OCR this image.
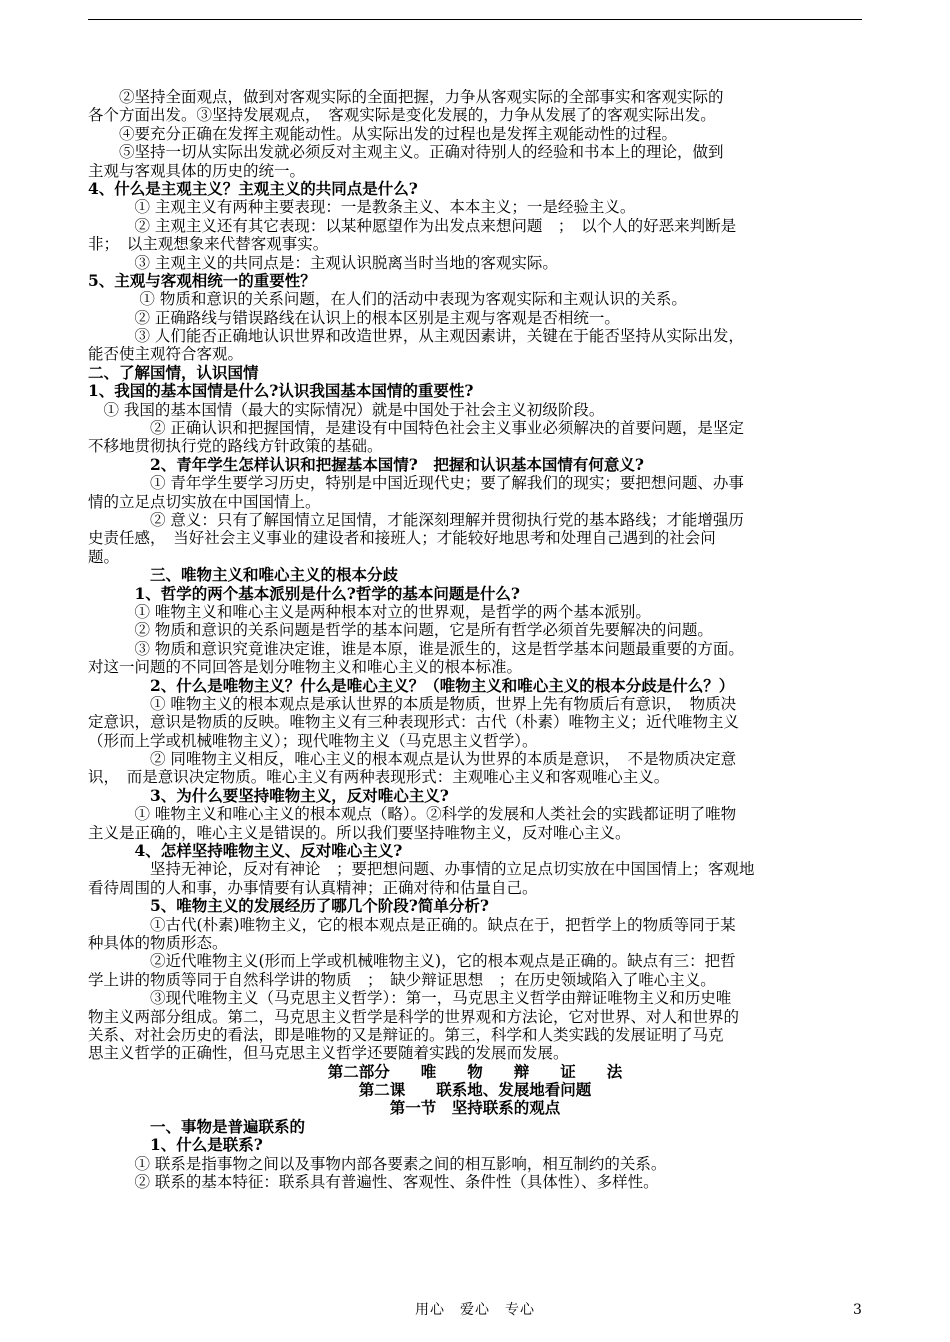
　　②坚持全面观点，做到对客观实际的全面把握，力争从客观实际的全部事实和客观实际的
各个方面出发。③坚持发展观点，　客观实际是变化发展的，力争从发展了的客观实际出发。
　　④要充分正确在发挥主观能动性。从实际出发的过程也是发挥主观能动性的过程。
　　⑤坚持一切从实际出发就必须反对主观主义。正确对待别人的经验和书本上的理论，做到
主观与客观具体的历史的统一。
4、什么是主观主义？主观主义的共同点是什么?
　　　① 主观主义有两种主要表现：一是教条主义、本本主义；一是经验主义。
　　　② 主观主义还有其它表现：以某种愿望作为出发点来想问题　；　以个人的好恶来判断是
非；　以主观想象来代替客观事实。
　　　③ 主观主义的共同点是：主观认识脱离当时当地的客观实际。
5、主观与客观相统一的重要性？
　　　 ① 物质和意识的关系问题，在人们的活动中表现为客观实际和主观认识的关系。
　　　② 正确路线与错误路线在认识上的根本区别是主观与客观是否相统一。
　　　③ 人们能否正确地认识世界和改造世界，从主观因素讲，关键在于能否坚持从实际出发，
能否使主观符合客观。
二、了解国情，认识国情
1、我国的基本国情是什么?认识我国基本国情的重要性?
　① 我国的基本国情（最大的实际情况）就是中国处于社会主义初级阶段。
　　　　② 正确认识和把握国情，是建设有中国特色社会主义事业必须解决的首要问题，是坚定
不移地贯彻执行党的路线方针政策的基础。
　　　　2、青年学生怎样认识和把握基本国情?　把握和认识基本国情有何意义?
　　　　① 青年学生要学习历史，特别是中国近现代史；要了解我们的现实；要把想问题、办事
情的立足点切实放在中国国情上。
　　　　② 意义：只有了解国情立足国情，才能深刻理解并贯彻执行党的基本路线；才能增强历
史责任感，　当好社会主义事业的建设者和接班人；才能较好地思考和处理自己遇到的社会问
题。
　　　　三、唯物主义和唯心主义的根本分歧
　　　1、哲学的两个基本派别是什么?哲学的基本问题是什么?
　　　① 唯物主义和唯心主义是两种根本对立的世界观，是哲学的两个基本派别。
　　　② 物质和意识的关系问题是哲学的基本问题，它是所有哲学必须首先要解决的问题。
　　　③ 物质和意识究竟谁决定谁，谁是本原，谁是派生的，这是哲学基本问题最重要的方面。
对这一问题的不同回答是划分唯物主义和唯心主义的根本标准。
　　　　2、什么是唯物主义？什么是唯心主义？（唯物主义和唯心主义的根本分歧是什么？）
　　　　① 唯物主义的根本观点是承认世界的本质是物质，世界上先有物质后有意识，　物质决
定意识，意识是物质的反映。唯物主义有三种表现形式：古代（朴素）唯物主义；近代唯物主义
（形而上学或机械唯物主义）；现代唯物主义（马克思主义哲学）。
　　　　② 同唯物主义相反，唯心主义的根本观点是认为世界的本质是意识，　不是物质决定意
识，　而是意识决定物质。唯心主义有两种表现形式：主观唯心主义和客观唯心主义。
　　　　3、为什么要坚持唯物主义，反对唯心主义?
　　　① 唯物主义和唯心主义的根本观点（略）。②科学的发展和人类社会的实践都证明了唯物
主义是正确的，唯心主义是错误的。所以我们要坚持唯物主义，反对唯心主义。
　　　4、怎样坚持唯物主义、反对唯心主义?
　　　　坚持无神论，反对有神论　；要把想问题、办事情的立足点切实放在中国国情上；客观地
看待周围的人和事，办事情要有认真精神；正确对待和估量自己。
　　　　5、唯物主义的发展经历了哪几个阶段?简单分析?
　　　　①古代(朴素)唯物主义，它的根本观点是正确的。缺点在于，把哲学上的物质等同于某
种具体的物质形态。
　　　　②近代唯物主义(形而上学或机械唯物主义)，它的根本观点是正确的。缺点有三：把哲
学上讲的物质等同于自然科学讲的物质　；　缺少辩证思想　；在历史领域陷入了唯心主义。
　　　　③现代唯物主义（马克思主义哲学）：第一，马克思主义哲学由辩证唯物主义和历史唯
物主义两部分组成。第二，马克思主义哲学是科学的世界观和方法论，它对世界、对人和世界的
关系、对社会历史的看法，即是唯物的又是辩证的。第三，科学和人类实践的发展证明了马克
思主义哲学的正确性，但马克思主义哲学还要随着实践的发展而发展。
第二部分　　唯　　物　　辩　　证　　法
第二课　　联系地、发展地看问题
第一节　坚持联系的观点
　　　　一、事物是普遍联系的
　　　　1、什么是联系?
　　　① 联系是指事物之间以及事物内部各要素之间的相互影响，相互制约的关系。
　　　② 联系的基本特征：联系具有普遍性、客观性、条件性（具体性）、多样性。
用心　爱心　专心	3
